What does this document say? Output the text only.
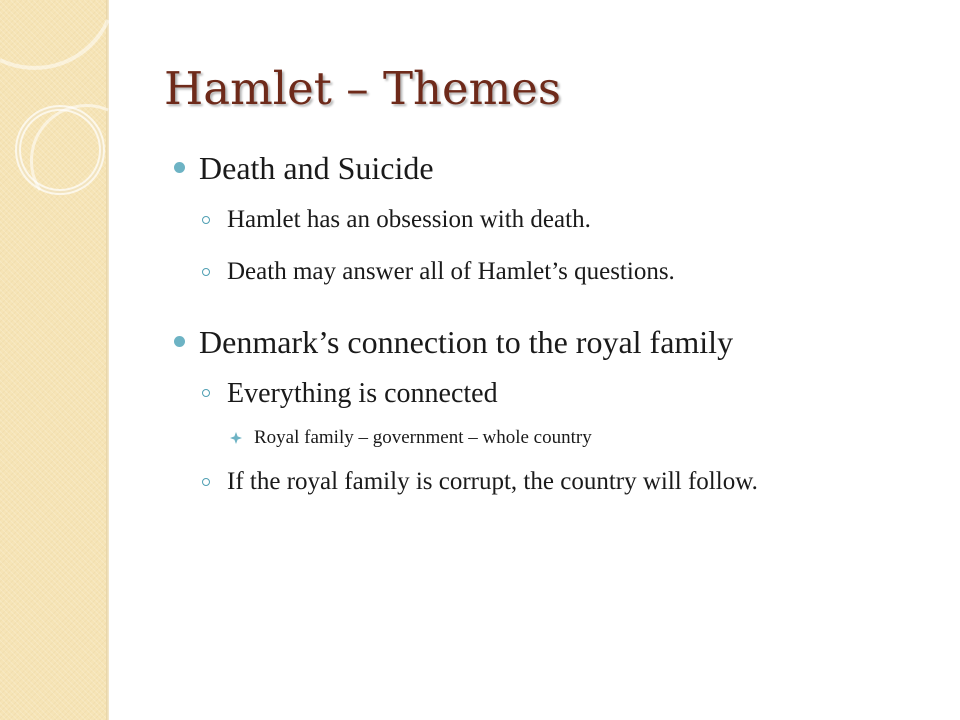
Hamlet – Themes
Death and Suicide
Hamlet has an obsession with death.
Death may answer all of Hamlet’s questions.
Denmark’s connection to the royal family
Everything is connected
Royal family – government – whole country
If the royal family is corrupt, the country will follow.
